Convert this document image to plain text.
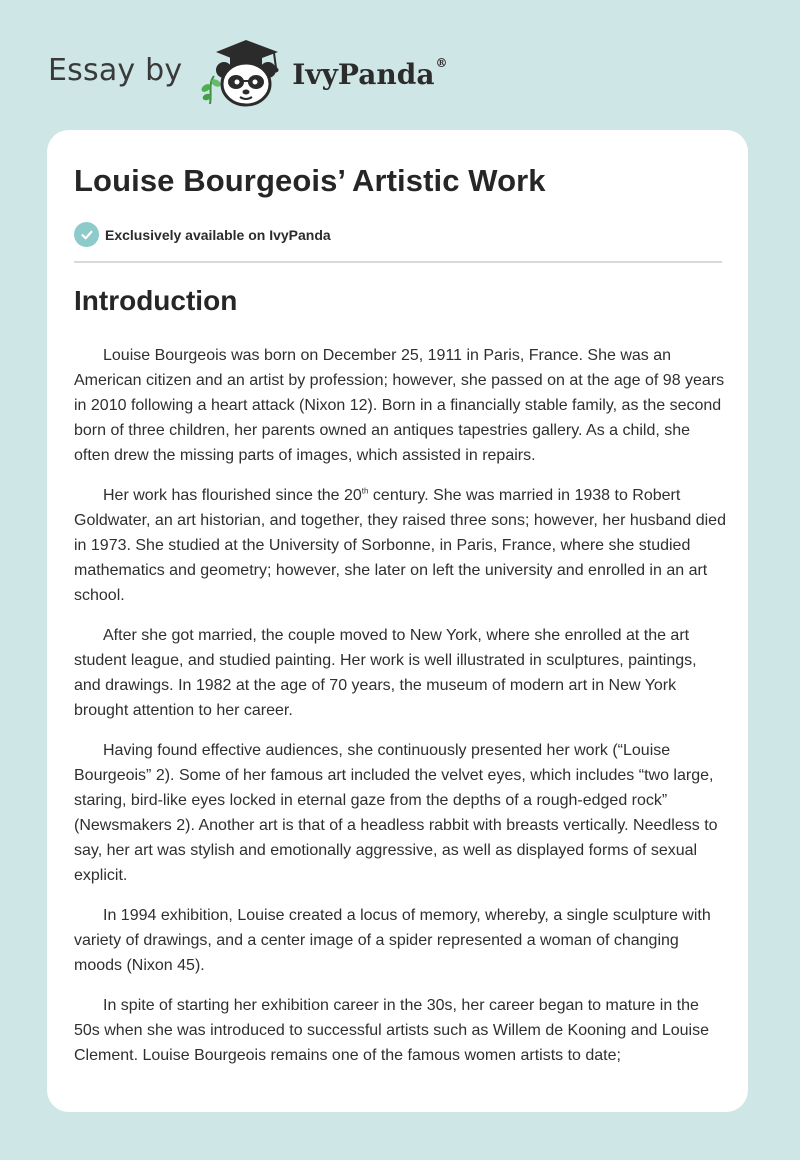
Essay by	IvyPanda®
Louise Bourgeois’ Artistic Work
Exclusively available on IvyPanda
Introduction

Louise Bourgeois was born on December 25, 1911 in Paris, France. She was an American citizen and an artist by profession; however, she passed on at the age of 98 years in 2010 following a heart attack (Nixon 12). Born in a financially stable family, as the second born of three children, her parents owned an antiques tapestries gallery. As a child, she often drew the missing parts of images, which assisted in repairs.

Her work has flourished since the 20th century. She was married in 1938 to Robert Goldwater, an art historian, and together, they raised three sons; however, her husband died in 1973. She studied at the University of Sorbonne, in Paris, France, where she studied mathematics and geometry; however, she later on left the university and enrolled in an art school.

After she got married, the couple moved to New York, where she enrolled at the art student league, and studied painting. Her work is well illustrated in sculptures, paintings, and drawings. In 1982 at the age of 70 years, the museum of modern art in New York brought attention to her career.

Having found effective audiences, she continuously presented her work (“Louise Bourgeois” 2). Some of her famous art included the velvet eyes, which includes “two large, staring, bird-like eyes locked in eternal gaze from the depths of a rough-edged rock” (Newsmakers 2). Another art is that of a headless rabbit with breasts vertically. Needless to say, her art was stylish and emotionally aggressive, as well as displayed forms of sexual explicit.

In 1994 exhibition, Louise created a locus of memory, whereby, a single sculpture with variety of drawings, and a center image of a spider represented a woman of changing moods (Nixon 45).

In spite of starting her exhibition career in the 30s, her career began to mature in the 50s when she was introduced to successful artists such as Willem de Kooning and Louise Clement. Louise Bourgeois remains one of the famous women artists to date;
